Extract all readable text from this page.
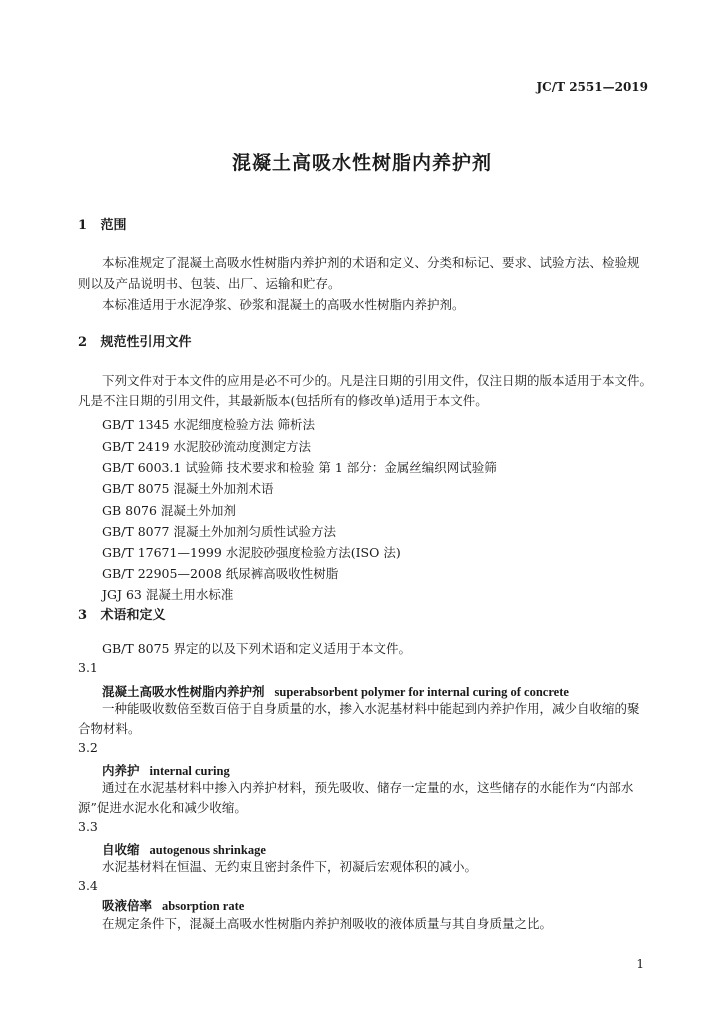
JC/T 2551—2019
混凝土高吸水性树脂内养护剂
1 范围
本标准规定了混凝土高吸水性树脂内养护剂的术语和定义、分类和标记、要求、试验方法、检验规
则以及产品说明书、包装、出厂、运输和贮存。
本标准适用于水泥净浆、砂浆和混凝土的高吸水性树脂内养护剂。
2 规范性引用文件
下列文件对于本文件的应用是必不可少的。凡是注日期的引用文件，仅注日期的版本适用于本文件。
凡是不注日期的引用文件，其最新版本(包括所有的修改单)适用于本文件。
GB/T 1345 水泥细度检验方法 筛析法
GB/T 2419 水泥胶砂流动度测定方法
GB/T 6003.1 试验筛 技术要求和检验 第 1 部分：金属丝编织网试验筛
GB/T 8075 混凝土外加剂术语
GB 8076 混凝土外加剂
GB/T 8077 混凝土外加剂匀质性试验方法
GB/T 17671—1999 水泥胶砂强度检验方法(ISO 法)
GB/T 22905—2008 纸尿裤高吸收性树脂
JGJ 63 混凝土用水标准
3 术语和定义
GB/T 8075 界定的以及下列术语和定义适用于本文件。
3.1
混凝土高吸水性树脂内养护剂 superabsorbent polymer for internal curing of concrete
一种能吸收数倍至数百倍于自身质量的水，掺入水泥基材料中能起到内养护作用，减少自收缩的聚
合物材料。
3.2
内养护 internal curing
通过在水泥基材料中掺入内养护材料，预先吸收、储存一定量的水，这些储存的水能作为“内部水
源”促进水泥水化和减少收缩。
3.3
自收缩 autogenous shrinkage
水泥基材料在恒温、无约束且密封条件下，初凝后宏观体积的减小。
3.4
吸液倍率 absorption rate
在规定条件下，混凝土高吸水性树脂内养护剂吸收的液体质量与其自身质量之比。
1
